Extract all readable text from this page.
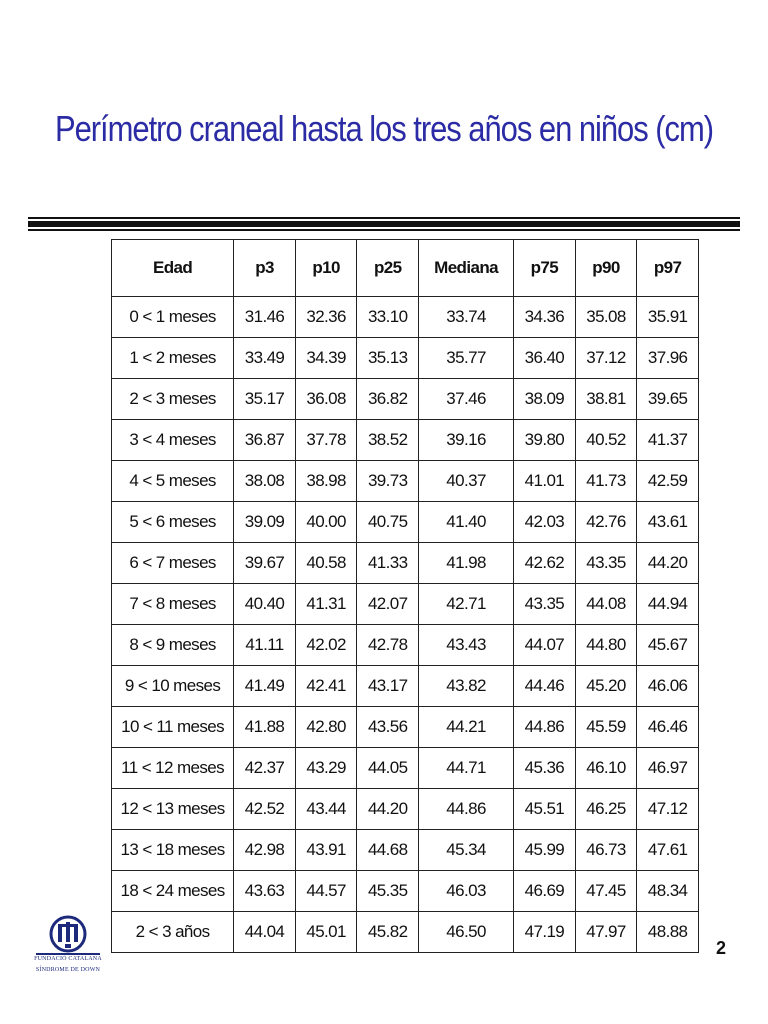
Perímetro craneal hasta los tres años en niños (cm)
Edad	p3	p10	p25	Mediana	p75	p90	p97
0 < 1 meses	31.46	32.36	33.10	33.74	34.36	35.08	35.91
1 < 2 meses	33.49	34.39	35.13	35.77	36.40	37.12	37.96
2 < 3 meses	35.17	36.08	36.82	37.46	38.09	38.81	39.65
3 < 4 meses	36.87	37.78	38.52	39.16	39.80	40.52	41.37
4 < 5 meses	38.08	38.98	39.73	40.37	41.01	41.73	42.59
5 < 6 meses	39.09	40.00	40.75	41.40	42.03	42.76	43.61
6 < 7 meses	39.67	40.58	41.33	41.98	42.62	43.35	44.20
7 < 8 meses	40.40	41.31	42.07	42.71	43.35	44.08	44.94
8 < 9 meses	41.11	42.02	42.78	43.43	44.07	44.80	45.67
9 < 10 meses	41.49	42.41	43.17	43.82	44.46	45.20	46.06
10 < 11 meses	41.88	42.80	43.56	44.21	44.86	45.59	46.46
11 < 12 meses	42.37	43.29	44.05	44.71	45.36	46.10	46.97
12 < 13 meses	42.52	43.44	44.20	44.86	45.51	46.25	47.12
13 < 18 meses	42.98	43.91	44.68	45.34	45.99	46.73	47.61
18 < 24 meses	43.63	44.57	45.35	46.03	46.69	47.45	48.34
2 < 3 años	44.04	45.01	45.82	46.50	47.19	47.97	48.88
FUNDACIÓ CATALANA
SÍNDROME DE DOWN
2
